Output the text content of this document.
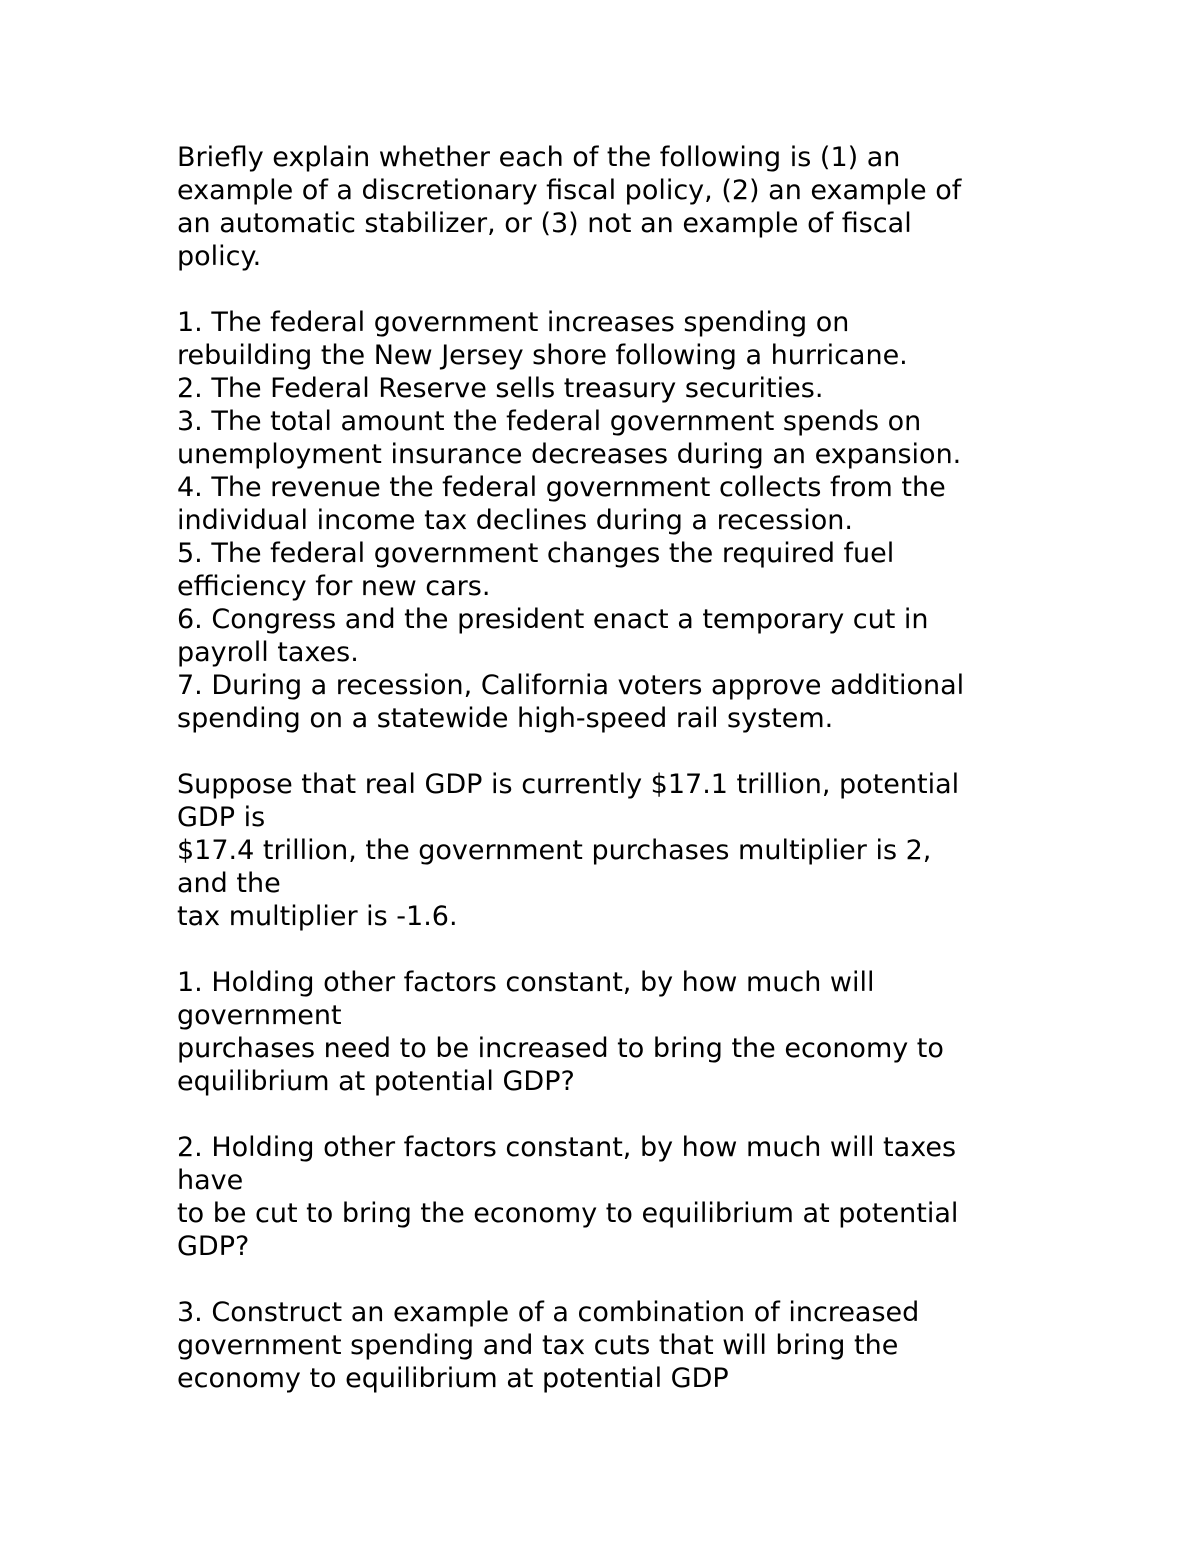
Briefly explain whether each of the following is (1) an
example of a discretionary fiscal policy, (2) an example of
an automatic stabilizer, or (3) not an example of fiscal
policy.
1. The federal government increases spending on
rebuilding the New Jersey shore following a hurricane.
2. The Federal Reserve sells treasury securities.
3. The total amount the federal government spends on
unemployment insurance decreases during an expansion.
4. The revenue the federal government collects from the
individual income tax declines during a recession.
5. The federal government changes the required fuel
efficiency for new cars.
6. Congress and the president enact a temporary cut in
payroll taxes.
7. During a recession, California voters approve additional
spending on a statewide high-speed rail system.
Suppose that real GDP is currently $17.1 trillion, potential
GDP is
$17.4 trillion, the government purchases multiplier is 2,
and the
tax multiplier is -1.6.
1. Holding other factors constant, by how much will
government
purchases need to be increased to bring the economy to
equilibrium at potential GDP?
2. Holding other factors constant, by how much will taxes
have
to be cut to bring the economy to equilibrium at potential
GDP?
3. Construct an example of a combination of increased
government spending and tax cuts that will bring the
economy to equilibrium at potential GDP
